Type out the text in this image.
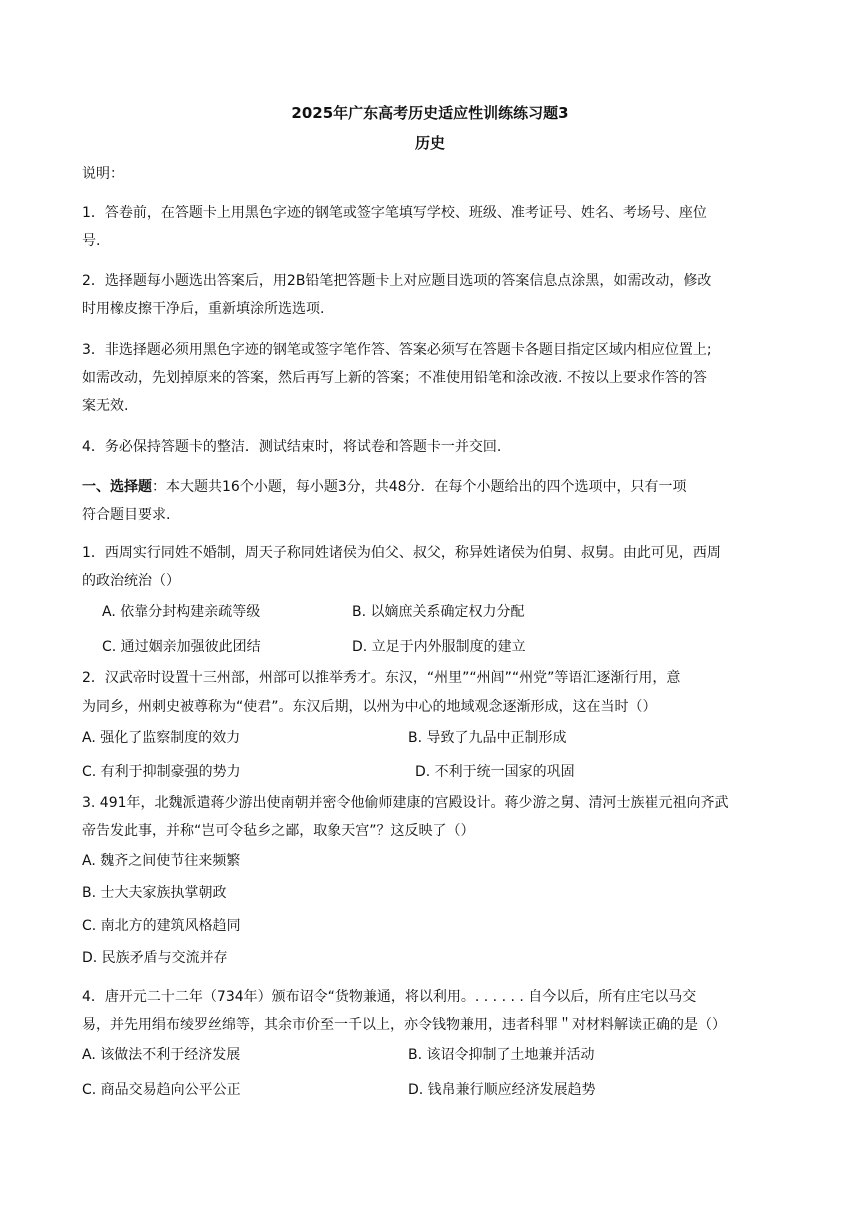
2025年广东高考历史适应性训练练习题3
历史
说明：
1．答卷前，在答题卡上用黑色字迹的钢笔或签字笔填写学校、班级、准考证号、姓名、考场号、座位
号.
2．选择题每小题选出答案后，用2B铅笔把答题卡上对应题目选项的答案信息点涂黑，如需改动，修改
时用橡皮擦干净后，重新填涂所选选项.
3．非选择题必须用黑色字迹的钢笔或签字笔作答、答案必须写在答题卡各题目指定区域内相应位置上;
如需改动，先划掉原来的答案，然后再写上新的答案；不准使用铅笔和涂改液. 不按以上要求作答的答
案无效.
4．务必保持答题卡的整洁．测试结束时，将试卷和答题卡一并交回.
一、选择题：本大题共16个小题，每小题3分，共48分．在每个小题给出的四个选项中，只有一项
符合题目要求.
1．西周实行同姓不婚制，周天子称同姓诸侯为伯父、叔父，称异姓诸侯为伯舅、叔舅。由此可见，西周
的政治统治（）
A. 依靠分封构建亲疏等级	B. 以嫡庶关系确定权力分配
C. 通过姻亲加强彼此团结	D. 立足于内外服制度的建立
2．汉武帝时设置十三州部，州部可以推举秀才。东汉，“州里”“州闾”“州党”等语汇逐渐行用，意
为同乡，州刺史被尊称为“使君”。东汉后期，以州为中心的地域观念逐渐形成，这在当时（）
A. 强化了监察制度的效力	B. 导致了九品中正制形成
C. 有利于抑制豪强的势力	D. 不利于统一国家的巩固
3. 491年，北魏派遣蒋少游出使南朝并密令他偷师建康的宫殿设计。蒋少游之舅、清河士族崔元祖向齐武
帝告发此事，并称“岂可令毡乡之鄙，取象天宫”？这反映了（）
A. 魏齐之间使节往来频繁
B. 士大夫家族执掌朝政
C. 南北方的建筑风格趋同
D. 民族矛盾与交流并存
4．唐开元二十二年（734年）颁布诏令“货物兼通，将以利用。. . . . . . 自今以后，所有庄宅以马交
易，并先用绢布绫罗丝绵等，其余市价至一千以上，亦令钱物兼用，违者科罪＂对材料解读正确的是（）
A. 该做法不利于经济发展	B. 该诏令抑制了土地兼并活动
C. 商品交易趋向公平公正	D. 钱帛兼行顺应经济发展趋势
